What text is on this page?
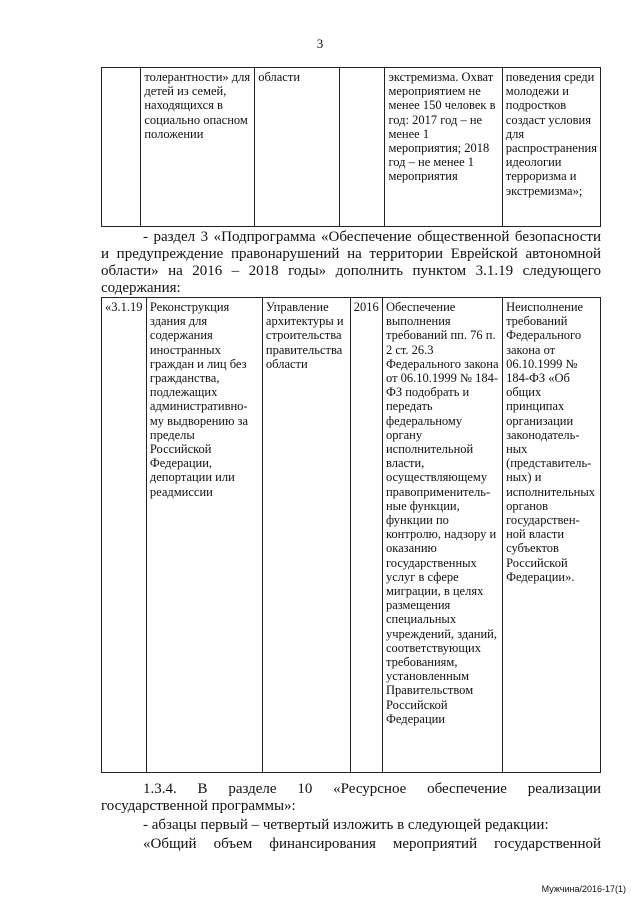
3
	толерантности» для детей из семей, находящихся в социально опасном положении	области		экстремизма. Охват мероприятием не менее 150 человек в год: 2017 год – не менее 1 мероприятия; 2018 год – не менее 1 мероприятия	поведения среди молодежи и подростков создаст условия для распространения идеологии терроризма и экстремизма»;
- раздел 3 «Подпрограмма «Обеспечение общественной безопасности и предупреждение правонарушений на территории Еврейской автономной области» на 2016 – 2018 годы» дополнить пунктом 3.1.19 следующего содержания:
«3.1.19	Реконструкция здания для содержания иностранных граждан и лиц без гражданства, подлежащих административно-му выдворению за пределы Российской Федерации, депортации или реадмиссии	Управление архитектуры и строительства правительства области	2016	Обеспечение выполнения требований пп. 76 п. 2 ст. 26.3 Федерального закона от 06.10.1999 № 184-ФЗ подобрать и передать федеральному органу исполнительной власти, осуществляющему правоприменитель-ные функции, функции по контролю, надзору и оказанию государственных услуг в сфере миграции, в целях размещения специальных учреждений, зданий, соответствующих требованиям, установленным Правительством Российской Федерации	Неисполнение требований Федерального закона от 06.10.1999 № 184-ФЗ «Об общих принципах организации законодатель-ных (представитель-ных) и исполнительных органов государствен-ной власти субъектов Российской Федерации».
1.3.4. В разделе 10 «Ресурсное обеспечение реализации
государственной программы»:
- абзацы первый – четвертый изложить в следующей редакции:
«Общий объем финансирования мероприятий государственной
Мужчина/2016-17(1)
